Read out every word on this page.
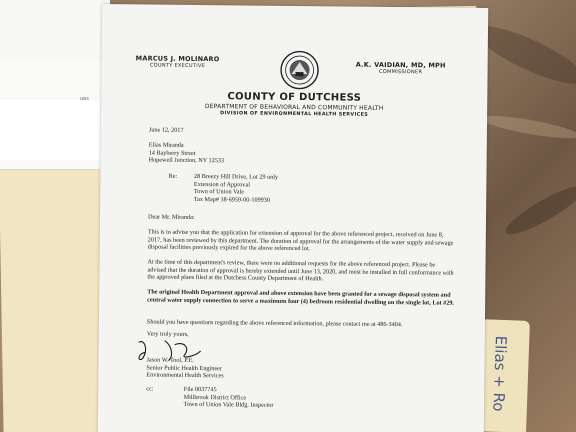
Elias + Ro
ues
MARCUS J. MOLINARO
COUNTY EXECUTIVE	A.K. VAIDIAN, MD, MPH
COMMISSIONER
COUNTY OF DUTCHESS
DEPARTMENT OF BEHAVIORAL AND COMMUNITY HEALTH
DIVISION OF ENVIRONMENTAL HEALTH SERVICES
June 12, 2017
Elias Miranda
14 Bayberry Street
Hopewell Junction, NY 12533
Re:	28 Breezy Hill Drive, Lot 29 only
Extension of Approval
Town of Union Vale
Tax Map# 18-6959-00-109930
Dear Mr. Miranda:
This is to advise you that the application for extension of approval for the above referenced project, received on June 8, 2017, has been reviewed by this department. The duration of approval for the arrangements of the water supply and sewage disposal facilities previously expired for the above referenced lot.
At the time of this department's review, there were no additional requests for the above referenced project. Please be advised that the duration of approval is hereby extended until June 13, 2020, and must be installed in full conformance with the approved plans filed at the Dutchess County Department of Health.
The original Health Department approval and above extension have been granted for a sewage disposal system and central water supply connection to serve a maximum four (4) bedroom residential dwelling on the single lot, Lot #29.
Should you have questions regarding the above referenced information, please contact me at 486-3404.
Very truly yours,
Jason W. Tool, P.E.
Senior Public Health Engineer
Environmental Health Services
cc:	File 0037745
Millbrook District Office
Town of Union Vale Bldg. Inspector
